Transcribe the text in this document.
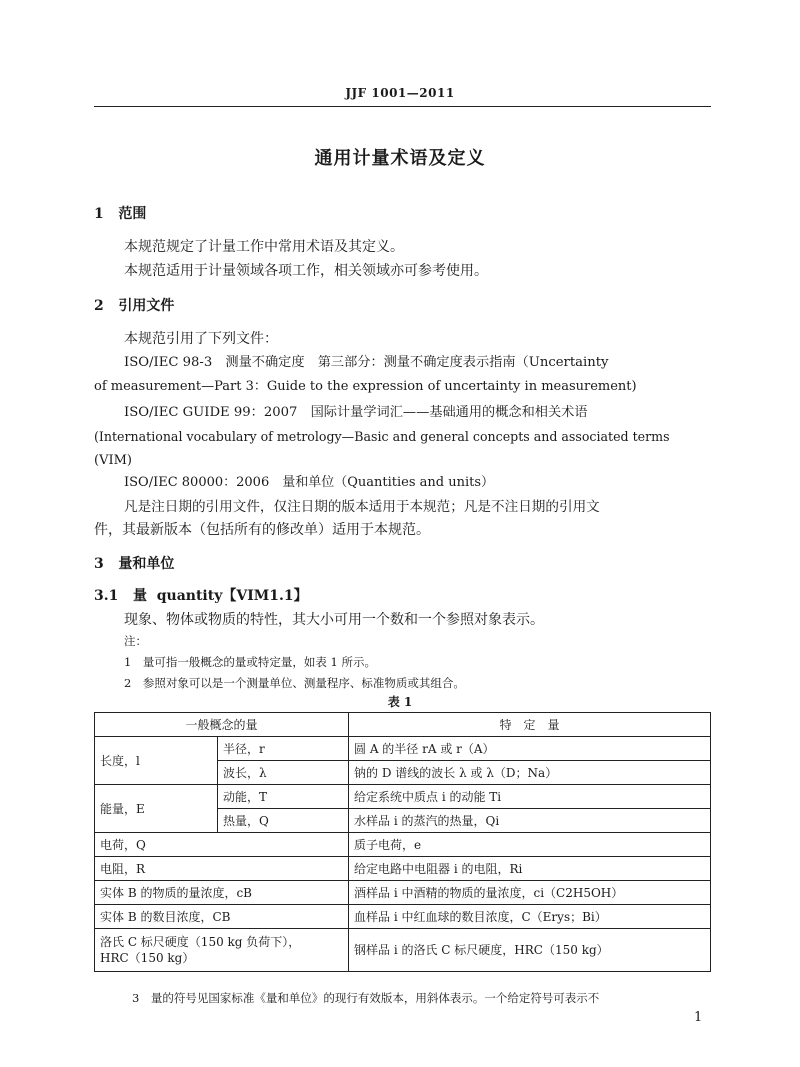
JJF 1001—2011
通用计量术语及定义
1 范围
本规范规定了计量工作中常用术语及其定义。
本规范适用于计量领域各项工作，相关领域亦可参考使用。
2 引用文件
本规范引用了下列文件：
ISO/IEC 98-3　测量不确定度　第三部分：测量不确定度表示指南（Uncertainty
of measurement—Part 3：Guide to the expression of uncertainty in measurement)
ISO/IEC GUIDE 99：2007　国际计量学词汇——基础通用的概念和相关术语
(International vocabulary of metrology—Basic and general concepts and associated terms
(VIM)
ISO/IEC 80000：2006　量和单位（Quantities and units）
凡是注日期的引用文件，仅注日期的版本适用于本规范；凡是不注日期的引用文
件，其最新版本（包括所有的修改单）适用于本规范。
3 量和单位
3.1 量 quantity【VIM1.1】
现象、物体或物质的特性，其大小可用一个数和一个参照对象表示。
注：
1　量可指一般概念的量或特定量，如表 1 所示。
2　参照对象可以是一个测量单位、测量程序、标准物质或其组合。
表 1
一般概念的量		特　定　量
长度，l	半径，r	圆 A 的半径 rA 或 r（A）
	波长，λ	钠的 D 谱线的波长 λ 或 λ（D；Na）
能量，E	动能，T	给定系统中质点 i 的动能 Ti
	热量，Q	水样品 i 的蒸汽的热量，Qi
电荷，Q		质子电荷，e
电阻，R		给定电路中电阻器 i 的电阻，Ri
实体 B 的物质的量浓度，cB		酒样品 i 中酒精的物质的量浓度，ci（C2H5OH）
实体 B 的数目浓度，CB		血样品 i 中红血球的数目浓度，C（Erys；Bi）

洛氏 C 标尺硬度（150 kg 负荷下），
HRC（150 kg）		钢样品 i 的洛氏 C 标尺硬度，HRC（150 kg）
3　量的符号见国家标准《量和单位》的现行有效版本，用斜体表示。一个给定符号可表示不
1
